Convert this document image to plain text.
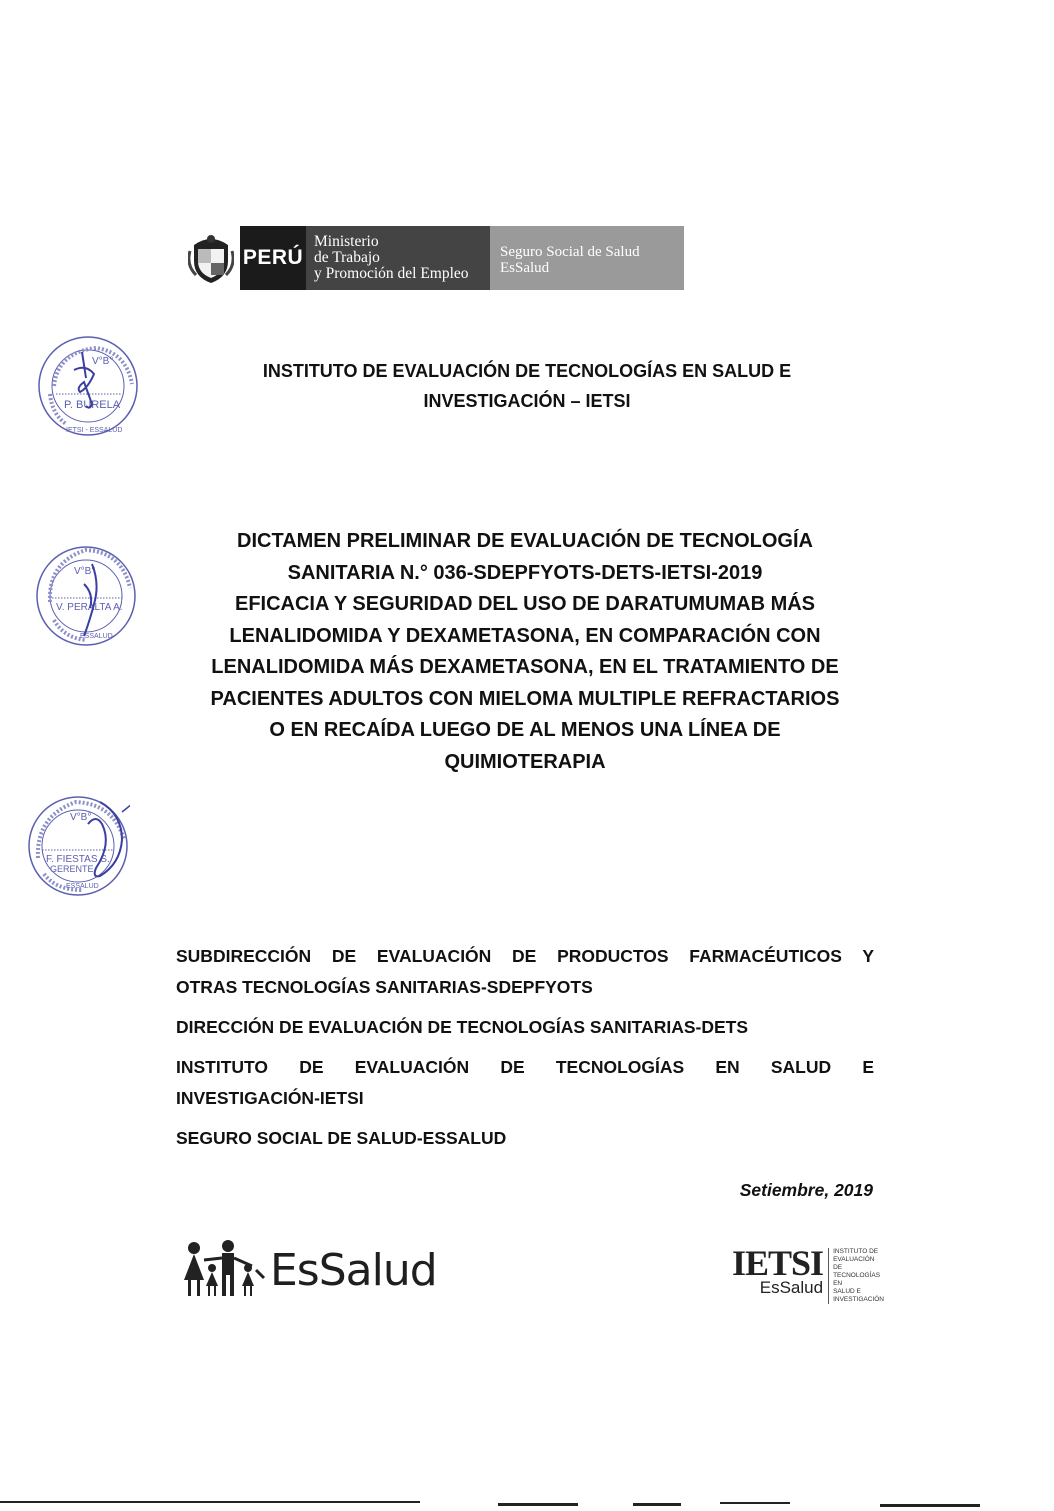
PERÚ
Ministerio
de Trabajo
y Promoción del Empleo
Seguro Social de Salud
EsSalud
V°B°
P. BURELA
IETSI - ESSALUD
V°B°
V. PERALTA A.
ESSALUD
V°B°
F. FIESTAS S.
GERENTE
ESSALUD
INSTITUTO DE EVALUACIÓN DE TECNOLOGÍAS EN SALUD E
INVESTIGACIÓN – IETSI
DICTAMEN PRELIMINAR DE EVALUACIÓN DE TECNOLOGÍA
SANITARIA N.° 036-SDEPFYOTS-DETS-IETSI-2019
EFICACIA Y SEGURIDAD DEL USO DE DARATUMUMAB MÁS
LENALIDOMIDA Y DEXAMETASONA, EN COMPARACIÓN CON
LENALIDOMIDA MÁS DEXAMETASONA, EN EL TRATAMIENTO DE
PACIENTES ADULTOS CON MIELOMA MULTIPLE REFRACTARIOS
O EN RECAÍDA LUEGO DE AL MENOS UNA LÍNEA DE
QUIMIOTERAPIA

SUBDIRECCIÓN DE EVALUACIÓN DE PRODUCTOS FARMACÉUTICOS Y

OTRAS TECNOLOGÍAS SANITARIAS-SDEPFYOTS

DIRECCIÓN DE EVALUACIÓN DE TECNOLOGÍAS SANITARIAS-DETS

INSTITUTO DE EVALUACIÓN DE TECNOLOGÍAS EN SALUD E

INVESTIGACIÓN-IETSI

SEGURO SOCIAL DE SALUD-ESSALUD

Setiembre, 2019
EsSalud	IETSI
EsSalud
INSTITUTO DE
EVALUACIÓN DE
TECNOLOGÍAS EN
SALUD E
INVESTIGACIÓN
